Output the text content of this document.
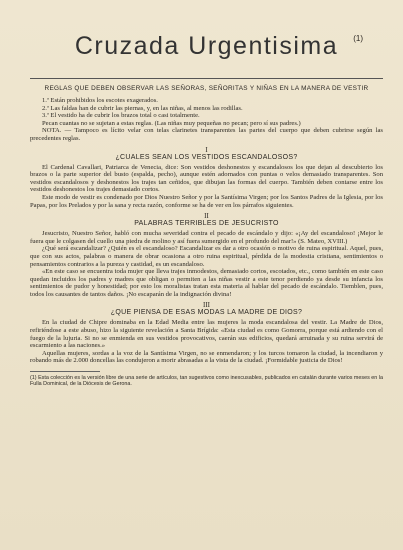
Cruzada Urgentisima (1)
REGLAS QUE DEBEN OBSERVAR LAS SEÑORAS, SEÑORITAS Y NIÑAS EN LA MANERA DE VESTIR
1.ª Están prohibidos los escotes exagerados.
2.ª Las faldas han de cubrir las piernas, y, en las niñas, al menos las rodillas.
3.ª El vestido ha de cubrir los brazos total o casi totalmente.
Pecan cuantas no se sujetan a estas reglas. (Las niñas muy pequeñas no pecan; pero sí sus padres.)

NOTA. — Tampoco es lícito velar con telas clarinetes transparentes las partes del cuerpo que deben cubrirse según las precedentes reglas.

I
¿CUALES SEAN LOS VESTIDOS ESCANDALOSOS?

El Cardenal Cavallari, Patriarca de Venecia, dice: Son vestidos deshonestos y escandalosos los que dejan al descubierto los brazos o la parte superior del busto (espalda, pecho), aunque estén adornados con puntas o velos demasiado transparentes. Son vestidos escandalosos y deshonestos los trajes tan ceñidos, que dibujan las formas del cuerpo. También deben contarse entre los vestidos deshonestos los trajes demasiado cortos.

Este modo de vestir es condenado por Dios Nuestro Señor y por la Santísima Virgen; por los Santos Padres de la Iglesia, por los Papas, por los Prelados y por la sana y recta razón, conforme se ha de ver en los párrafos siguientes.

II
PALABRAS TERRIBLES DE JESUCRISTO

Jesucristo, Nuestro Señor, habló con mucha severidad contra el pecado de escándalo y dijo: «¡Ay del escandaloso! ¡Mejor le fuera que le colgasen del cuello una piedra de molino y así fuera sumergido en el profundo del mar!» (S. Mateo, XVIII.)

¿Qué será escandalizar? ¿Quién es el escandaloso? Escandalizar es dar a otro ocasión o motivo de ruina espiritual. Aquel, pues, que con sus actos, palabras o manera de obrar ocasiona a otro ruina espiritual, pérdida de la modestia cristiana, sentimientos o pensamientos contrarios a la pureza y castidad, es un escandaloso.

«En este caso se encuentra toda mujer que lleva trajes inmodestos, demasiado cortos, escotados, etc., como también en este caso quedan incluidos los padres y madres que obligan o permiten a las niñas vestir a este tenor perdiendo ya desde su infancia los sentimientos de pudor y honestidad; por esto los moralistas tratan esta materia al hablar del pecado de escándalo. Tiemblen, pues, todos los causantes de tantos daños. ¡No escaparán de la indignación divina!

III
¿QUE PIENSA DE ESAS MODAS LA MADRE DE DIOS?

En la ciudad de Chipre dominaba en la Edad Media entre las mujeres la moda escandalosa del vestir. La Madre de Dios, refiriéndose a este abuso, hizo la siguiente revelación a Santa Brígida: «Esta ciudad es como Gomorra, porque está ardiendo con el fuego de la lujuria. Si no se enmienda en sus vestidos provocativos, caerán sus edificios, quedará arruinada y su ruina servirá de escarmiento a las naciones.»

Aquellas mujeres, sordas a la voz de la Santísima Virgen, no se enmendaron; y los turcos tomaron la ciudad, la incendiaron y robando más de 2.000 doncellas las condujeron a morir abrasadas a la vista de la ciudad. ¡Formidable justicia de Dios!

(1) Esta colección es la versión libre de una serie de artículos, tan sugestivos como inexcusables, publicados en catalán durante varios meses en la Fulla Dominical, de la Diócesis de Gerona.
